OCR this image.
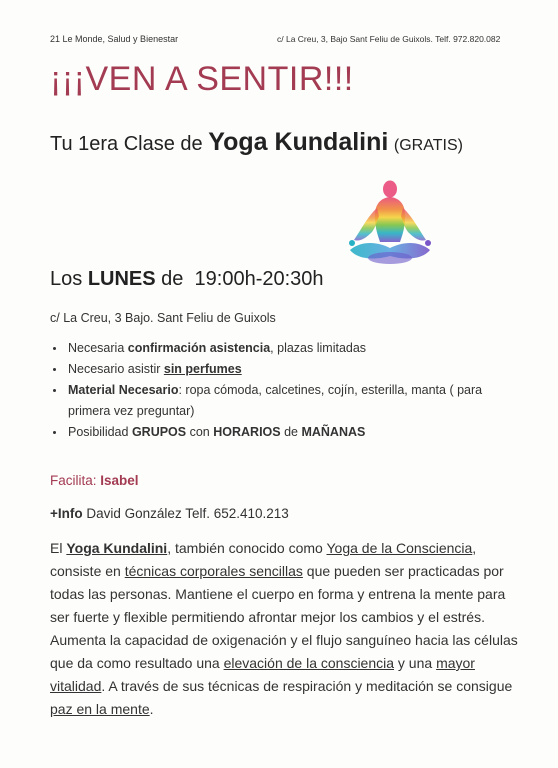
21 Le Monde, Salud y Bienestar	c/ La Creu, 3, Bajo Sant Feliu de Guixols. Telf. 972.820.082
¡¡¡VEN A SENTIR!!!
Tu 1era Clase de Yoga Kundalini (GRATIS)
Los LUNES de 19:00h-20:30h
c/ La Creu, 3 Bajo. Sant Feliu de Guixols
• Necesaria confirmación asistencia, plazas limitadas
• Necesario asistir sin perfumes
• Material Necesario: ropa cómoda, calcetines, cojín, esterilla, manta ( para primera vez preguntar)
• Posibilidad GRUPOS con HORARIOS de MAÑANAS
Facilita: Isabel
+Info David González Telf. 652.410.213

El Yoga Kundalini, también conocido como Yoga de la Consciencia, consiste en técnicas corporales sencillas que pueden ser practicadas por todas las personas. Mantiene el cuerpo en forma y entrena la mente para ser fuerte y flexible permitiendo afrontar mejor los cambios y el estrés. Aumenta la capacidad de oxigenación y el flujo sanguíneo hacia las células que da como resultado una elevación de la consciencia y una mayor vitalidad. A través de sus técnicas de respiración y meditación se consigue paz en la mente.
